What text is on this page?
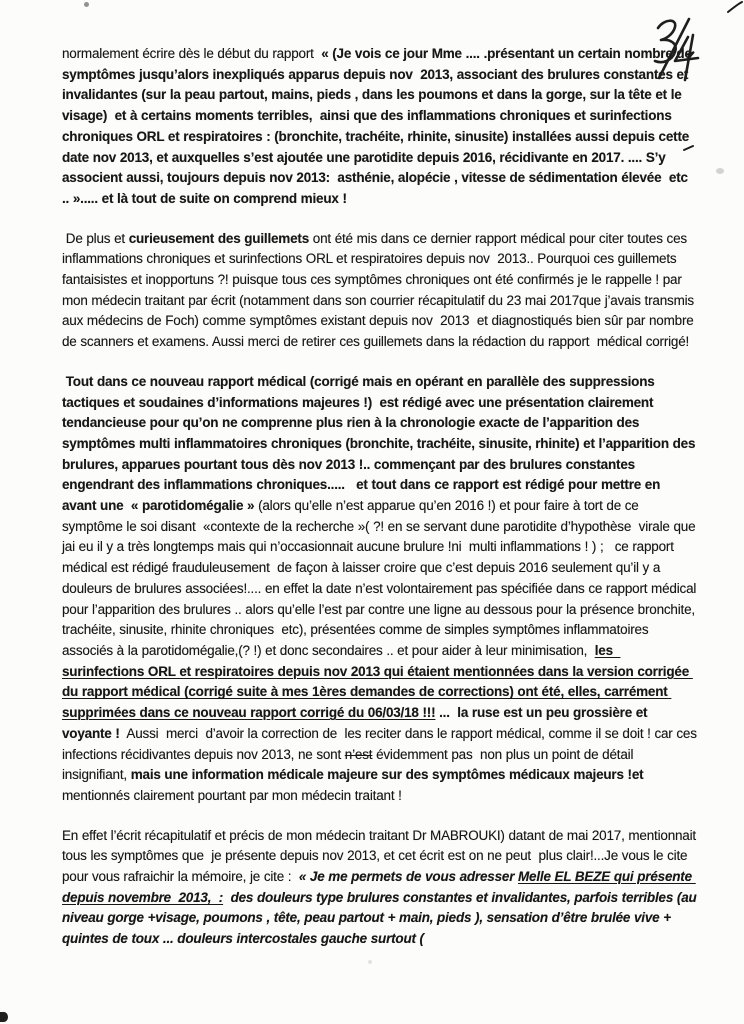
normalement écrire dès le début du rapport  « (Je vois ce jour Mme .... .présentant un certain nombre de symptômes jusqu’alors inexpliqués apparus depuis nov  2013, associant des brulures constantes et invalidantes (sur la peau partout, mains, pieds , dans les poumons et dans la gorge, sur la tête et le visage)  et à certains moments terribles,  ainsi que des inflammations chroniques et surinfections chroniques ORL et respiratoires : (bronchite, trachéite, rhinite, sinusite) installées aussi depuis cette date nov 2013, et auxquelles s’est ajoutée une parotidite depuis 2016, récidivante en 2017. .... S’y associent aussi, toujours depuis nov 2013:  asthénie, alopécie , vitesse de sédimentation élevée  etc .. »..... et là tout de suite on comprend mieux !

De plus et curieusement des guillemets ont été mis dans ce dernier rapport médical pour citer toutes ces inflammations chroniques et surinfections ORL et respiratoires depuis nov  2013.. Pourquoi ces guillemets fantaisistes et inopportuns ?! puisque tous ces symptômes chroniques ont été confirmés je le rappelle ! par mon médecin traitant par écrit (notamment dans son courrier récapitulatif du 23 mai 2017que j’avais transmis aux médecins de Foch) comme symptômes existant depuis nov  2013  et diagnostiqués bien sûr par nombre de scanners et examens. Aussi merci de retirer ces guillemets dans la rédaction du rapport  médical corrigé!

Tout dans ce nouveau rapport médical (corrigé mais en opérant en parallèle des suppressions tactiques et soudaines d’informations majeures !)  est rédigé avec une présentation clairement tendancieuse pour qu’on ne comprenne plus rien à la chronologie exacte de l’apparition des symptômes multi inflammatoires chroniques (bronchite, trachéite, sinusite, rhinite) et l’apparition des brulures, apparues pourtant tous dès nov 2013 !.. commençant par des brulures constantes engendrant des inflammations chroniques.....   et tout dans ce rapport est rédigé pour mettre en avant une  « parotidomégalie » (alors qu’elle n’est apparue qu’en 2016 !) et pour faire à tort de ce symptôme le soi disant  «contexte de la recherche »( ?! en se servant dune parotidite d’hypothèse  virale que jai eu il y a très longtemps mais qui n’occasionnait aucune brulure !ni  multi inflammations ! ) ;   ce rapport médical est rédigé frauduleusement  de façon à laisser croire que c’est depuis 2016 seulement qu’il y a douleurs de brulures associées!.... en effet la date n’est volontairement pas spécifiée dans ce rapport médical pour l’apparition des brulures .. alors qu’elle l’est par contre une ligne au dessous pour la présence bronchite, trachéite, sinusite, rhinite chroniques  etc), présentées comme de simples symptômes inflammatoires associés à la parotidomégalie,(? !) et donc secondaires .. et pour aider à leur minimisation,  les  surinfections ORL et respiratoires depuis nov 2013 qui étaient mentionnées dans la version corrigée du rapport médical (corrigé suite à mes 1ères demandes de corrections) ont été, elles, carrément supprimées dans ce nouveau rapport corrigé du 06/03/18 !!! ...  la ruse est un peu grossière et voyante !  Aussi  merci  d’avoir la correction de  les reciter dans le rapport médical, comme il se doit ! car ces infections récidivantes depuis nov 2013, ne sont n’est évidemment pas  non plus un point de détail insignifiant, mais une information médicale majeure sur des symptômes médicaux majeurs !et mentionnés clairement pourtant par mon médecin traitant !

En effet l’écrit récapitulatif et précis de mon médecin traitant Dr MABROUKI) datant de mai 2017, mentionnait tous les symptômes que  je présente depuis nov 2013, et cet écrit est on ne peut  plus clair!...Je vous le cite pour vous rafraichir la mémoire, je cite :  « Je me permets de vous adresser Melle EL BEZE qui présente depuis novembre  2013,  :  des douleurs type brulures constantes et invalidantes, parfois terribles (au niveau gorge +visage, poumons , tête, peau partout + main, pieds ), sensation d’être brulée vive + quintes de toux ... douleurs intercostales gauche surtout (
